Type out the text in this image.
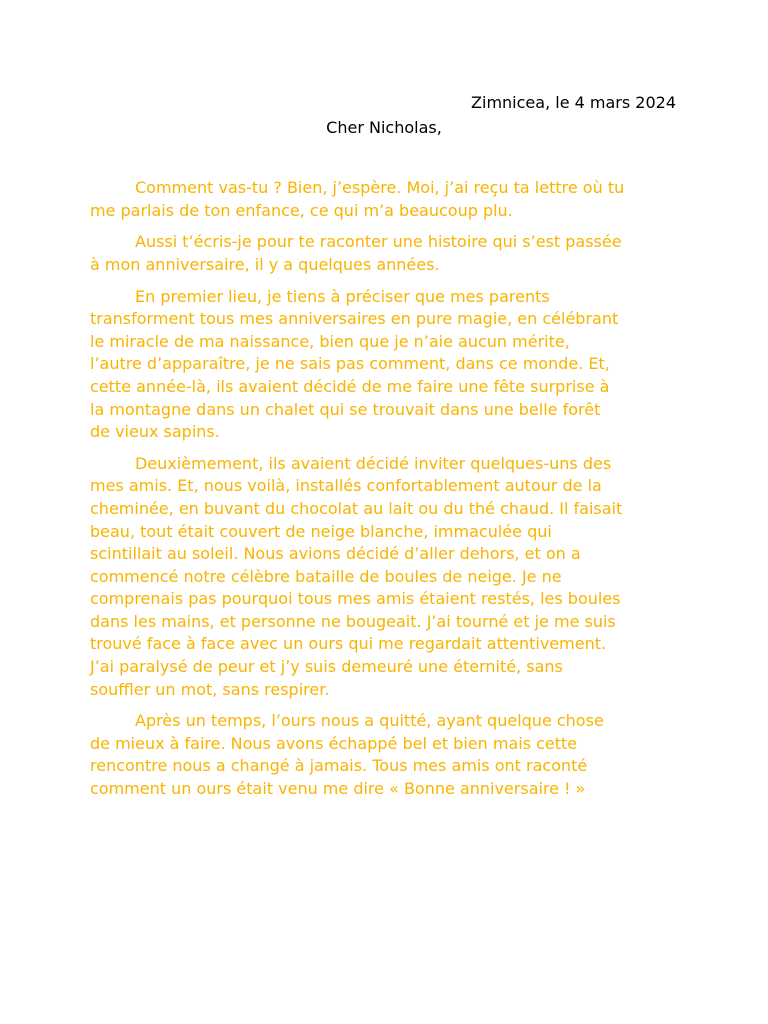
Zimnicea, le 4 mars 2024
Cher Nicholas,
Comment vas-tu ? Bien, j’espère. Moi, j’ai reçu ta lettre où tu
me parlais de ton enfance, ce qui m’a beaucoup plu.
Aussi t’écris-je pour te raconter une histoire qui s’est passée
à mon anniversaire, il y a quelques années.
En premier lieu, je tiens à préciser que mes parents
transforment tous mes anniversaires en pure magie, en célébrant
le miracle de ma naissance, bien que je n’aie aucun mérite,
l’autre d’apparaître, je ne sais pas comment, dans ce monde. Et,
cette année-là, ils avaient décidé de me faire une fête surprise à
la montagne dans un chalet qui se trouvait dans une belle forêt
de vieux sapins.
Deuxièmement, ils avaient décidé inviter quelques-uns des
mes amis. Et, nous voilà, installés confortablement autour de la
cheminée, en buvant du chocolat au lait ou du thé chaud. Il faisait
beau, tout était couvert de neige blanche, immaculée qui
scintillait au soleil. Nous avions décidé d’aller dehors, et on a
commencé notre célèbre bataille de boules de neige. Je ne
comprenais pas pourquoi tous mes amis étaient restés, les boules
dans les mains, et personne ne bougeait. J’ai tourné et je me suis
trouvé face à face avec un ours qui me regardait attentivement.
J’ai paralysé de peur et j’y suis demeuré une éternité, sans
souffler un mot, sans respirer.
Après un temps, l’ours nous a quitté, ayant quelque chose
de mieux à faire. Nous avons échappé bel et bien mais cette
rencontre nous a changé à jamais. Tous mes amis ont raconté
comment un ours était venu me dire « Bonne anniversaire ! »
